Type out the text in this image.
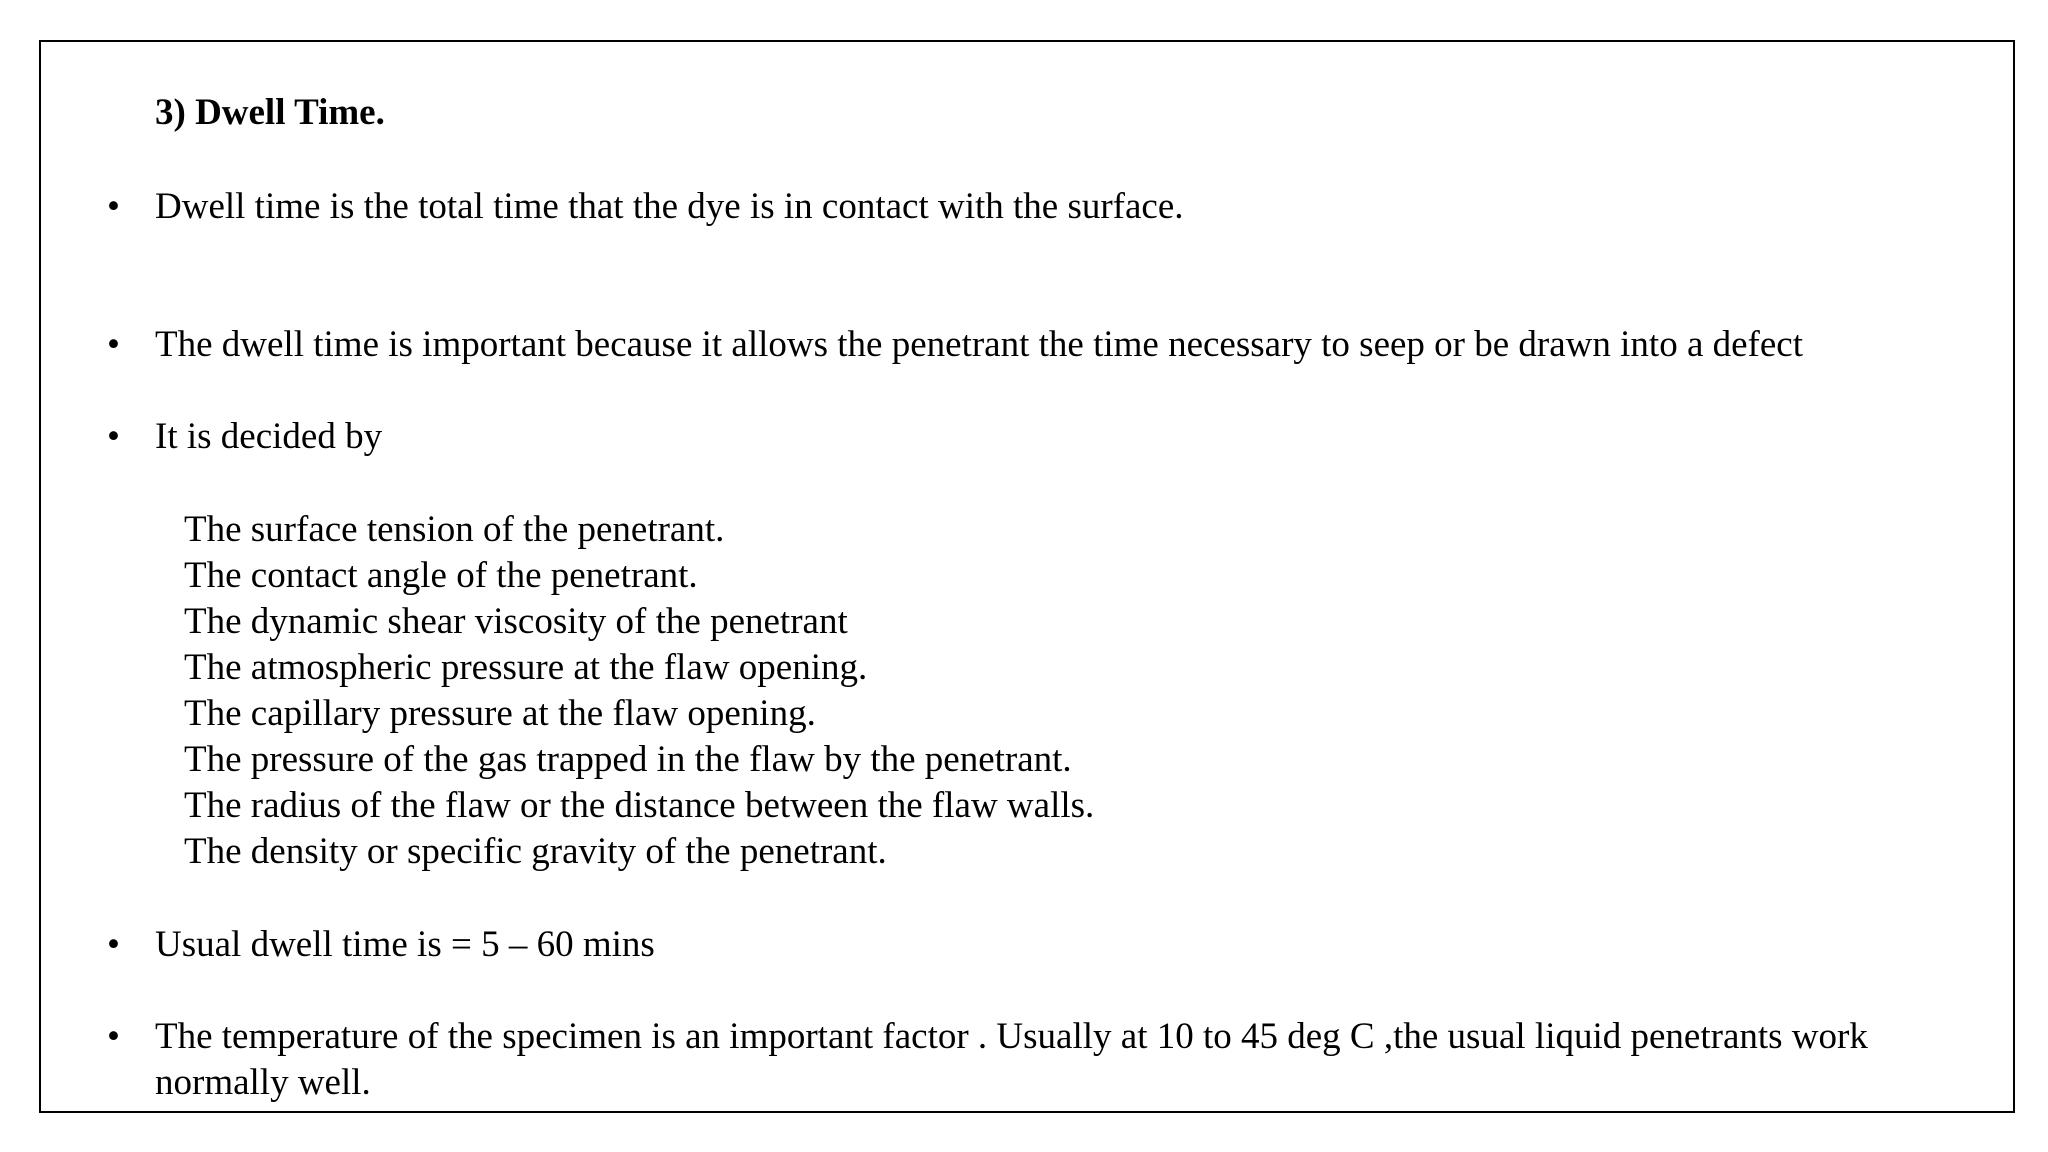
3) Dwell Time.
• Dwell time is the total time that the dye is in contact with the surface.
• The dwell time is important because it allows the penetrant the time necessary to seep or be drawn into a defect
• It is decided by
The surface tension of the penetrant.
The contact angle of the penetrant.
The dynamic shear viscosity of the penetrant
The atmospheric pressure at the flaw opening.
The capillary pressure at the flaw opening.
The pressure of the gas trapped in the flaw by the penetrant.
The radius of the flaw or the distance between the flaw walls.
The density or specific gravity of the penetrant.
• Usual dwell time is = 5 – 60 mins
• The temperature of the specimen is an important factor . Usually at 10 to 45 deg C ,the usual liquid penetrants work
normally well.
